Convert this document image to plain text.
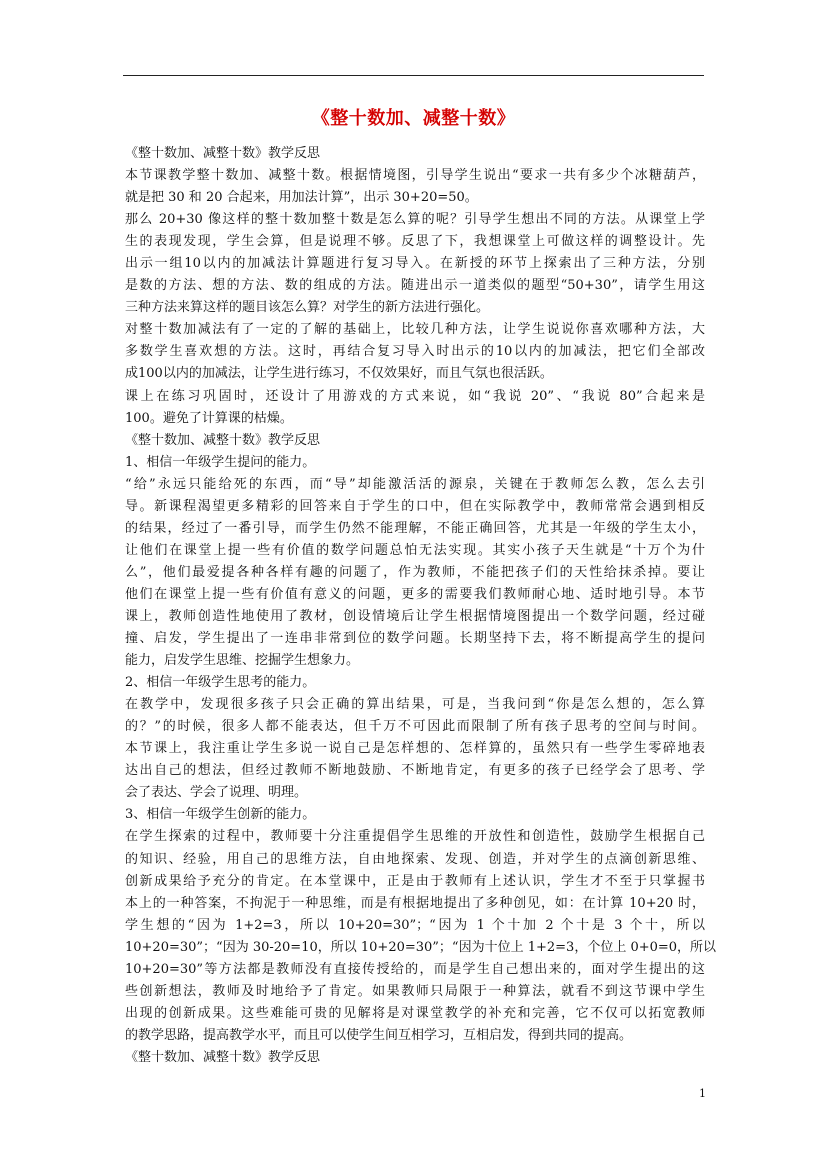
《整十数加、减整十数》
《整十数加、减整十数》教学反思
本节课教学整十数加、减整十数。根据情境图，引导学生说出“要求一共有多少个冰糖葫芦，
就是把 30 和 20 合起来，用加法计算”，出示 30+20=50。
那么 20+30 像这样的整十数加整十数是怎么算的呢？引导学生想出不同的方法。从课堂上学
生的表现发现，学生会算，但是说理不够。反思了下，我想课堂上可做这样的调整设计。先
出示一组10以内的加减法计算题进行复习导入。在新授的环节上探索出了三种方法，分别
是数的方法、想的方法、数的组成的方法。随进出示一道类似的题型“50+30”，请学生用这
三种方法来算这样的题目该怎么算？对学生的新方法进行强化。
对整十数加减法有了一定的了解的基础上，比较几种方法，让学生说说你喜欢哪种方法，大
多数学生喜欢想的方法。这时，再结合复习导入时出示的10以内的加减法，把它们全部改
成100以内的加减法，让学生进行练习，不仅效果好，而且气氛也很活跃。
课上在练习巩固时，还设计了用游戏的方式来说，如“我说 20”、“我说 80”合起来是
100。避免了计算课的枯燥。
《整十数加、减整十数》教学反思
1、相信一年级学生提问的能力。
“给”永远只能给死的东西，而“导”却能激活活的源泉，关键在于教师怎么教，怎么去引
导。新课程渴望更多精彩的回答来自于学生的口中，但在实际教学中，教师常常会遇到相反
的结果，经过了一番引导，而学生仍然不能理解，不能正确回答，尤其是一年级的学生太小，
让他们在课堂上提一些有价值的数学问题总怕无法实现。其实小孩子天生就是“十万个为什
么”，他们最爱提各种各样有趣的问题了，作为教师，不能把孩子们的天性给抹杀掉。要让
他们在课堂上提一些有价值有意义的问题，更多的需要我们教师耐心地、适时地引导。本节
课上，教师创造性地使用了教材，创设情境后让学生根据情境图提出一个数学问题，经过碰
撞、启发，学生提出了一连串非常到位的数学问题。长期坚持下去，将不断提高学生的提问
能力，启发学生思维、挖掘学生想象力。
2、相信一年级学生思考的能力。
在教学中，发现很多孩子只会正确的算出结果，可是，当我问到“你是怎么想的，怎么算
的？”的时候，很多人都不能表达，但千万不可因此而限制了所有孩子思考的空间与时间。
本节课上，我注重让学生多说一说自己是怎样想的、怎样算的，虽然只有一些学生零碎地表
达出自己的想法，但经过教师不断地鼓励、不断地肯定，有更多的孩子已经学会了思考、学
会了表达、学会了说理、明理。
3、相信一年级学生创新的能力。
在学生探索的过程中，教师要十分注重提倡学生思维的开放性和创造性，鼓励学生根据自己
的知识、经验，用自己的思维方法，自由地探索、发现、创造，并对学生的点滴创新思维、
创新成果给予充分的肯定。在本堂课中，正是由于教师有上述认识，学生才不至于只掌握书
本上的一种答案，不拘泥于一种思维，而是有根据地提出了多种创见，如：在计算 10+20 时，
学生想的“因为 1+2=3，所以 10+20=30”；“因为 1 个十加 2 个十是 3 个十，所以
10+20=30”；“因为 30-20=10，所以 10+20=30”；“因为十位上 1+2=3，个位上 0+0=0，所以
10+20=30”等方法都是教师没有直接传授给的，而是学生自己想出来的，面对学生提出的这
些创新想法，教师及时地给予了肯定。如果教师只局限于一种算法，就看不到这节课中学生
出现的创新成果。这些难能可贵的见解将是对课堂教学的补充和完善，它不仅可以拓宽教师
的教学思路，提高教学水平，而且可以使学生间互相学习，互相启发，得到共同的提高。
《整十数加、减整十数》教学反思
1
